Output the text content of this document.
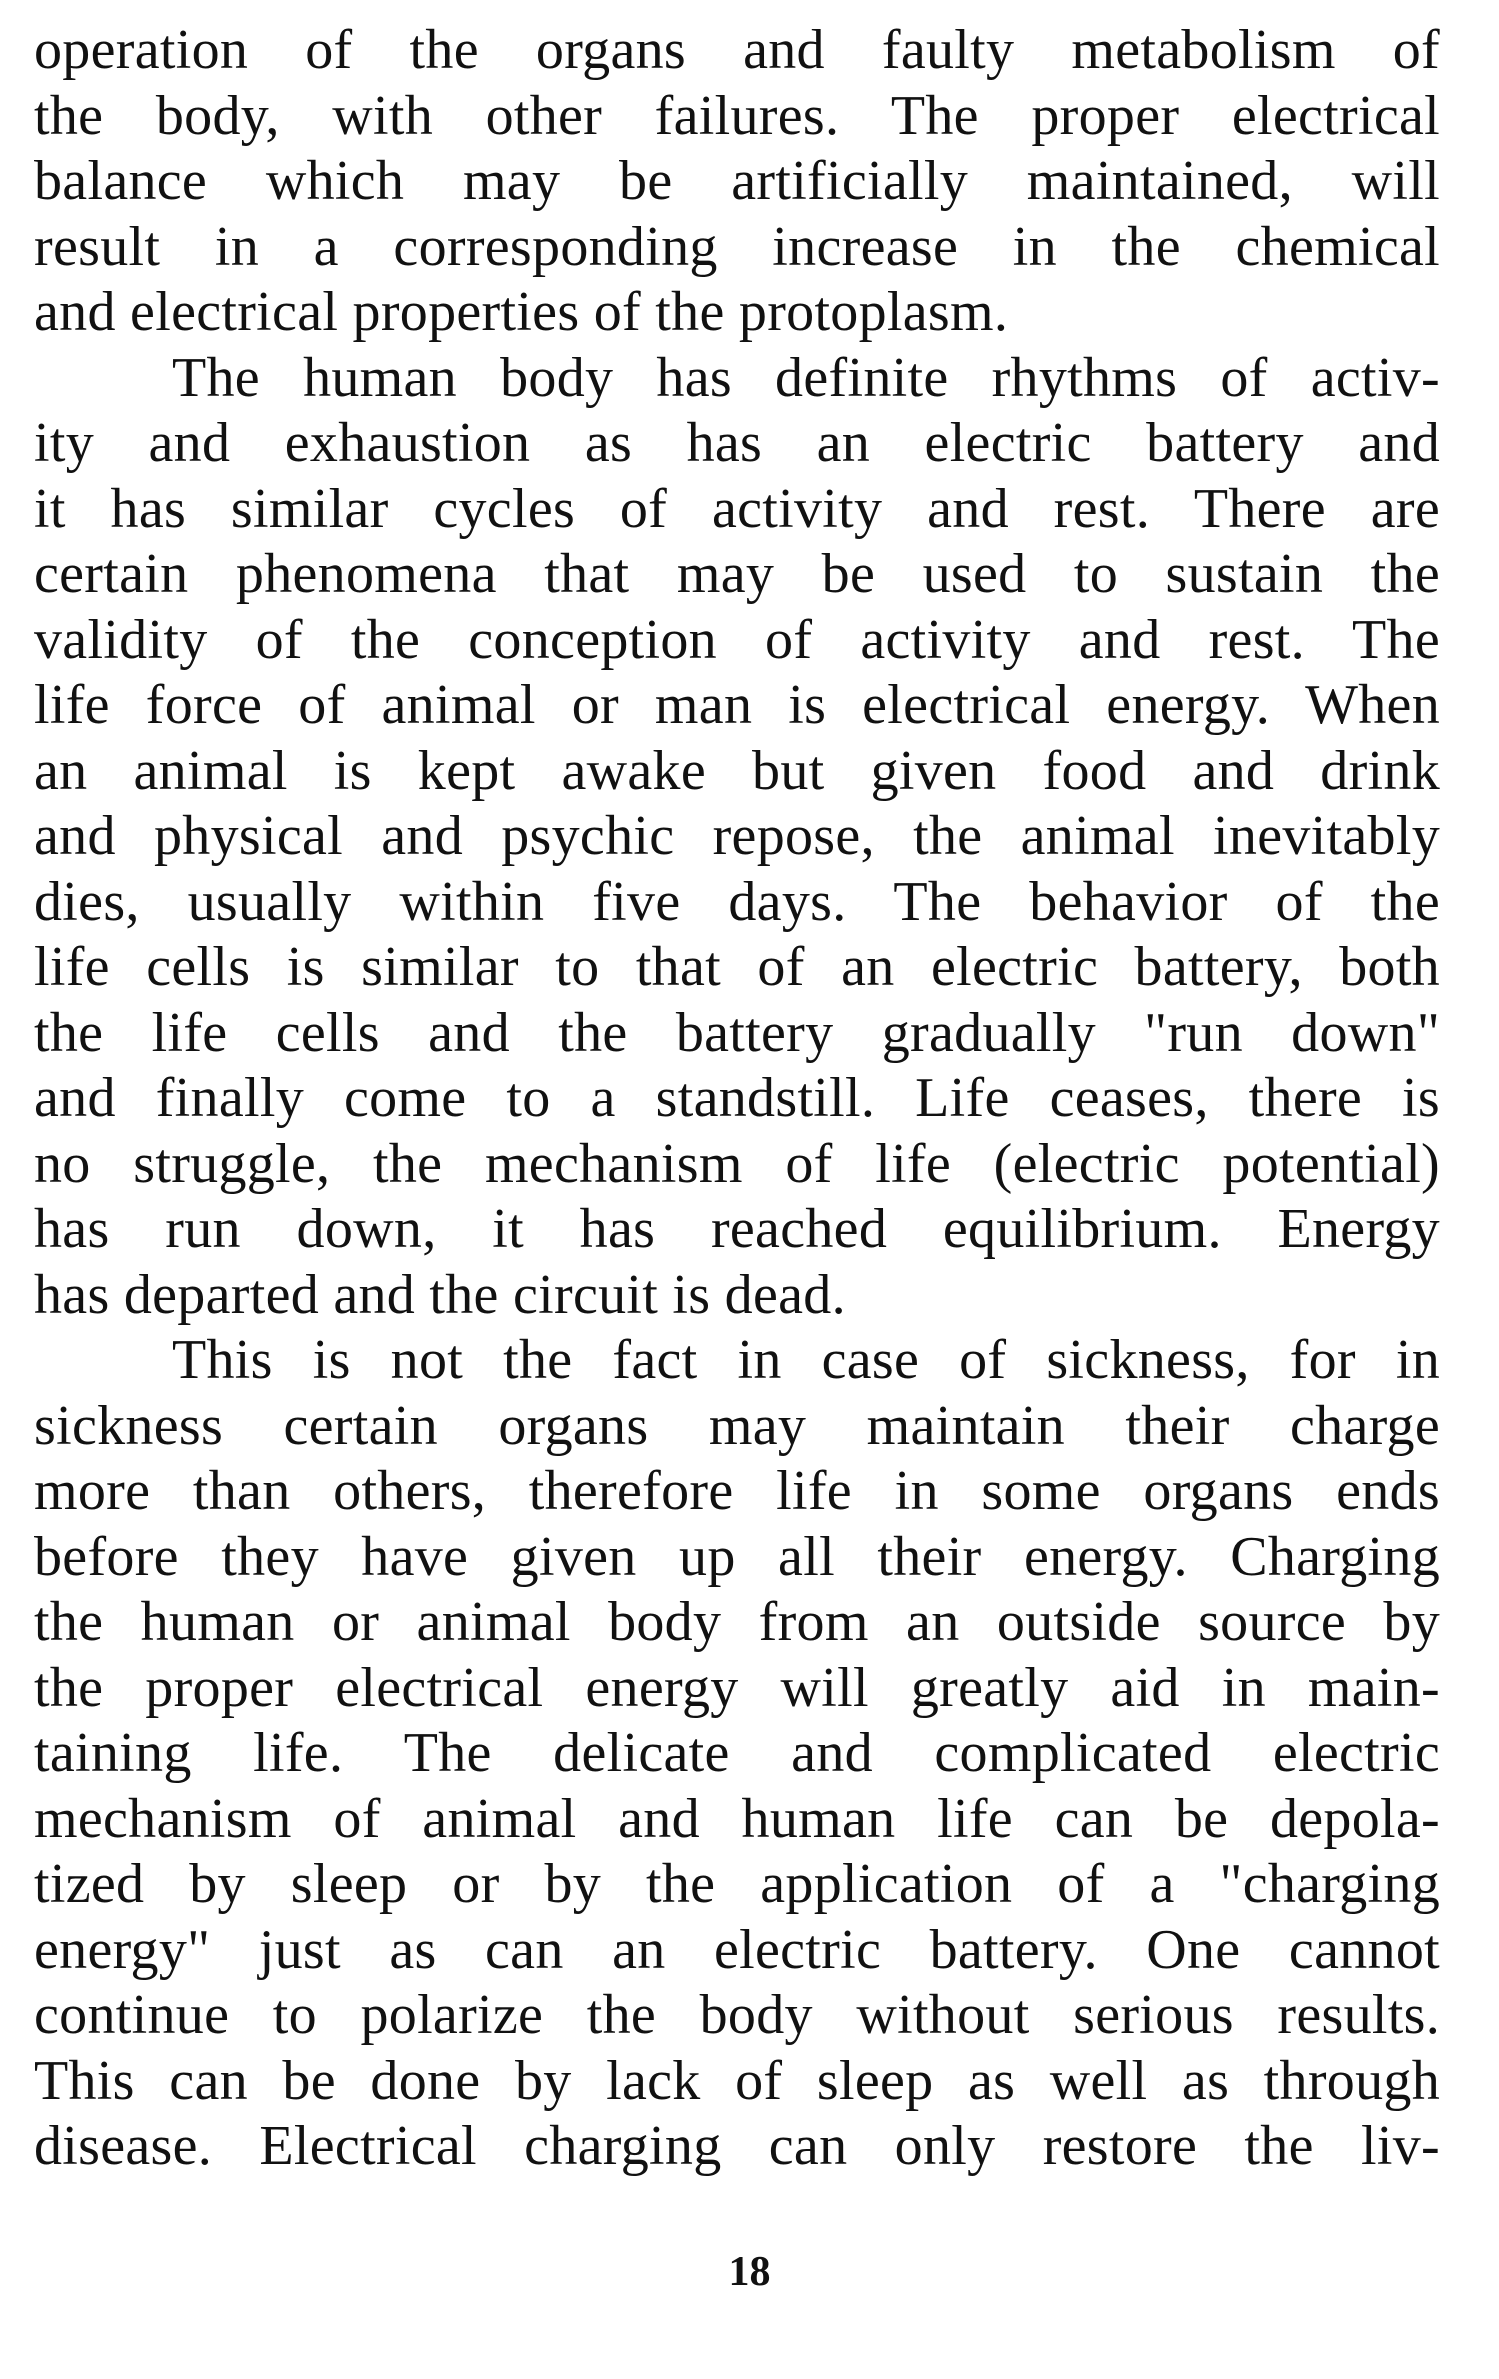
operation of the organs and faulty metabolism of
the body, with other failures. The proper electrical
balance which may be artificially maintained, will
result in a corresponding increase in the chemical
and electrical properties of the protoplasm.
The human body has definite rhythms of activ-
ity and exhaustion as has an electric battery and
it has similar cycles of activity and rest. There are
certain phenomena that may be used to sustain the
validity of the conception of activity and rest. The
life force of animal or man is electrical energy. When
an animal is kept awake but given food and drink
and physical and psychic repose, the animal inevitably
dies, usually within five days. The behavior of the
life cells is similar to that of an electric battery, both
the life cells and the battery gradually "run down"
and finally come to a standstill. Life ceases, there is
no struggle, the mechanism of life (electric potential)
has run down, it has reached equilibrium. Energy
has departed and the circuit is dead.
This is not the fact in case of sickness, for in
sickness certain organs may maintain their charge
more than others, therefore life in some organs ends
before they have given up all their energy. Charging
the human or animal body from an outside source by
the proper electrical energy will greatly aid in main-
taining life. The delicate and complicated electric
mechanism of animal and human life can be depola-
tized by sleep or by the application of a "charging
energy" just as can an electric battery. One cannot
continue to polarize the body without serious results.
This can be done by lack of sleep as well as through
disease. Electrical charging can only restore the liv-
18
